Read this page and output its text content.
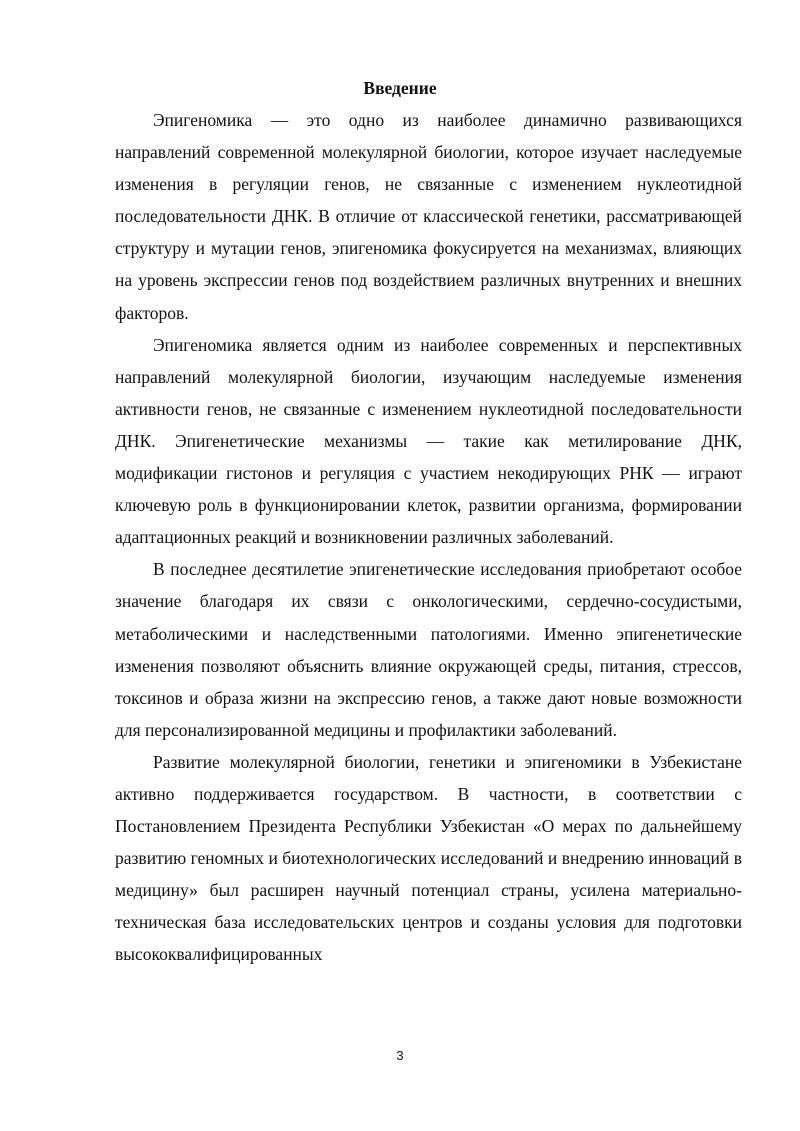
Введение

Эпигеномика — это одно из наиболее динамично развивающихся направлений современной молекулярной биологии, которое изучает наследуемые изменения в регуляции генов, не связанные с изменением нуклеотидной последовательности ДНК. В отличие от классической генетики, рассматривающей структуру и мутации генов, эпигеномика фокусируется на механизмах, влияющих на уровень экспрессии генов под воздействием различных внутренних и внешних факторов.

Эпигеномика является одним из наиболее современных и перспективных направлений молекулярной биологии, изучающим наследуемые изменения активности генов, не связанные с изменением нуклеотидной последовательности ДНК. Эпигенетические механизмы — такие как метилирование ДНК, модификации гистонов и регуляция с участием некодирующих РНК — играют ключевую роль в функционировании клеток, развитии организма, формировании адаптационных реакций и возникновении различных заболеваний.

В последнее десятилетие эпигенетические исследования приобретают особое значение благодаря их связи с онкологическими, сердечно-сосудистыми, метаболическими и наследственными патологиями. Именно эпигенетические изменения позволяют объяснить влияние окружающей среды, питания, стрессов, токсинов и образа жизни на экспрессию генов, а также дают новые возможности для персонализированной медицины и профилактики заболеваний.

Развитие молекулярной биологии, генетики и эпигеномики в Узбекистане активно поддерживается государством. В частности, в соответствии с Постановлением Президента Республики Узбекистан «О мерах по дальнейшему развитию геномных и биотехнологических исследований и внедрению инноваций в медицину» был расширен научный потенциал страны, усилена материально-техническая база исследовательских центров и созданы условия для подготовки высококвалифицированных

3
